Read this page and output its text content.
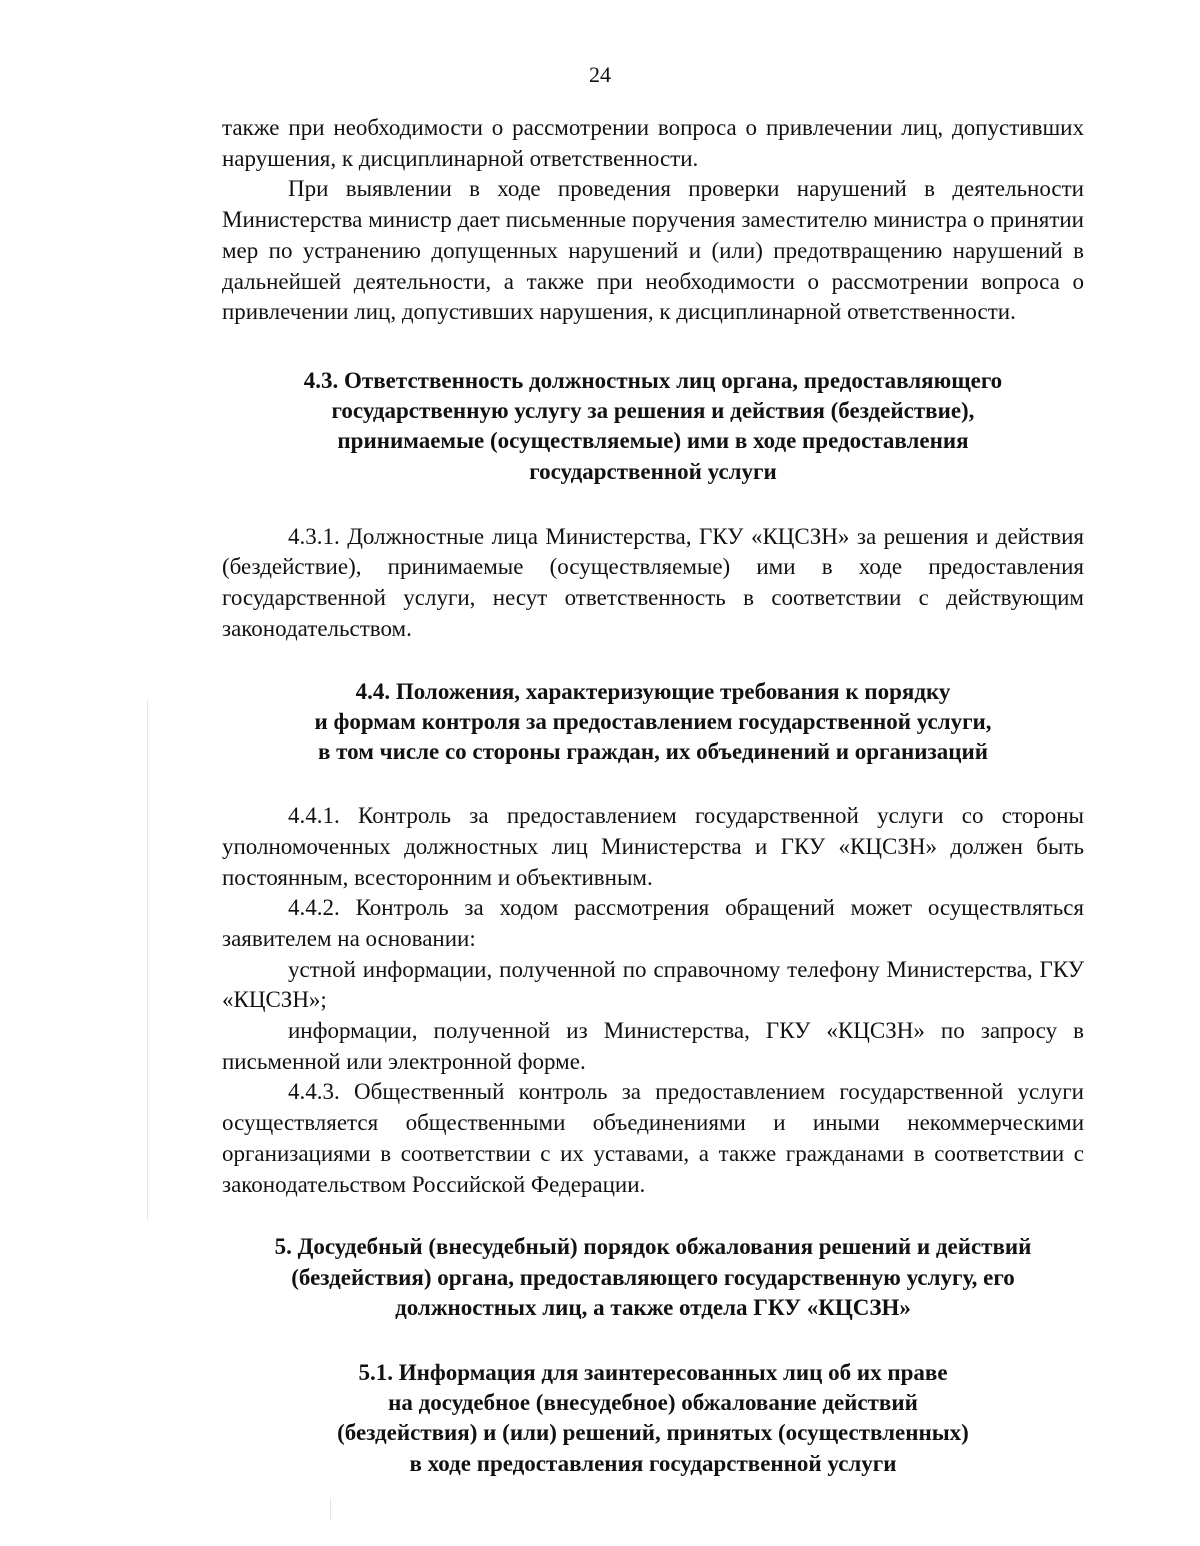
24

также при необходимости о рассмотрении вопроса о привлечении лиц, допустивших нарушения, к дисциплинарной ответственности.

При выявлении в ходе проведения проверки нарушений в деятельности Министерства министр дает письменные поручения заместителю министра о принятии мер по устранению допущенных нарушений и (или) предотвращению нарушений в дальнейшей деятельности, а также при необходимости о рассмотрении вопроса о привлечении лиц, допустивших нарушения, к дисциплинарной ответственности.

4.3. Ответственность должностных лиц органа, предоставляющего
государственную услугу за решения и действия (бездействие),
принимаемые (осуществляемые) ими в ходе предоставления
государственной услуги

4.3.1. Должностные лица Министерства, ГКУ «КЦСЗН» за решения и действия (бездействие), принимаемые (осуществляемые) ими в ходе предоставления государственной услуги, несут ответственность в соответствии с действующим законодательством.

4.4. Положения, характеризующие требования к порядку
и формам контроля за предоставлением государственной услуги,
в том числе со стороны граждан, их объединений и организаций

4.4.1. Контроль за предоставлением государственной услуги со стороны уполномоченных должностных лиц Министерства и ГКУ «КЦСЗН» должен быть постоянным, всесторонним и объективным.

4.4.2. Контроль за ходом рассмотрения обращений может осуществляться заявителем на основании:

устной информации, полученной по справочному телефону Министерства, ГКУ «КЦСЗН»;

информации, полученной из Министерства, ГКУ «КЦСЗН» по запросу в письменной или электронной форме.

4.4.3. Общественный контроль за предоставлением государственной услуги осуществляется общественными объединениями и иными некоммерческими организациями в соответствии с их уставами, а также гражданами в соответствии с законодательством Российской Федерации.

5. Досудебный (внесудебный) порядок обжалования решений и действий
(бездействия) органа, предоставляющего государственную услугу, его
должностных лиц, а также отдела ГКУ «КЦСЗН»
5.1. Информация для заинтересованных лиц об их праве
на досудебное (внесудебное) обжалование действий
(бездействия) и (или) решений, принятых (осуществленных)
в ходе предоставления государственной услуги
